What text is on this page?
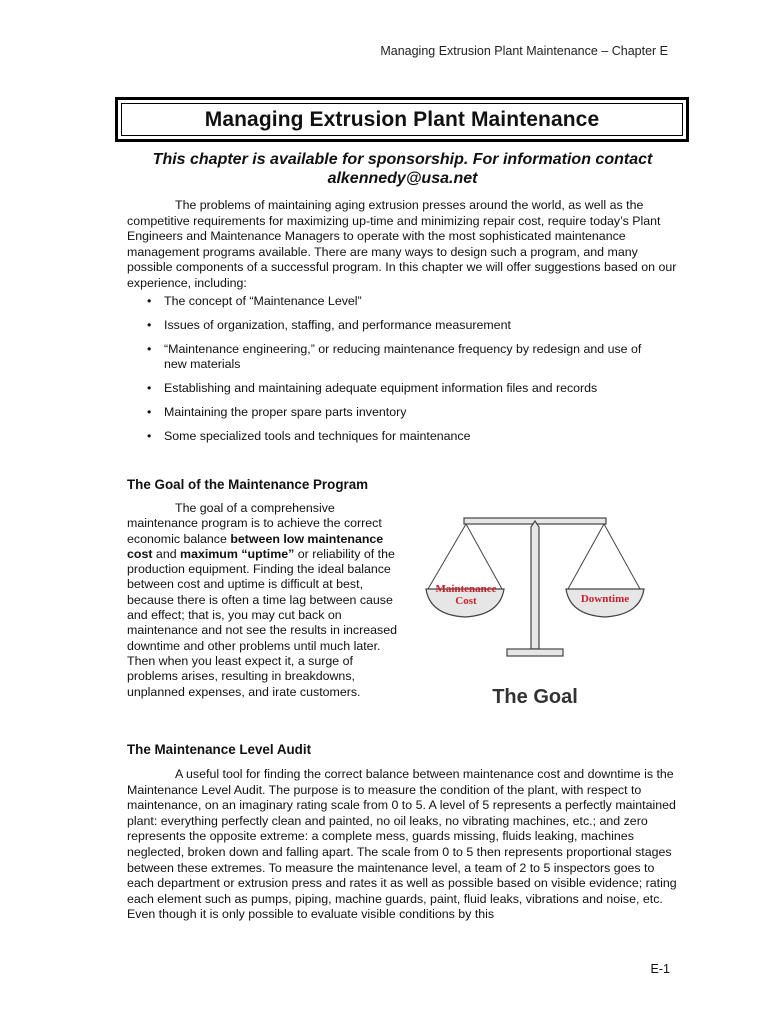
Managing Extrusion Plant Maintenance – Chapter E
Managing Extrusion Plant Maintenance
This chapter is available for sponsorship. For information contact
alkennedy@usa.net

The problems of maintaining aging extrusion presses around the world, as well as the competitive requirements for maximizing up-time and minimizing repair cost, require today’s Plant Engineers and Maintenance Managers to operate with the most sophisticated maintenance management programs available. There are many ways to design such a program, and many possible components of a successful program. In this chapter we will offer suggestions based on our experience, including:

• The concept of “Maintenance Level”
• Issues of organization, staffing, and performance measurement
• “Maintenance engineering,” or reducing maintenance frequency by redesign and use of new materials
• Establishing and maintaining adequate equipment information files and records
• Maintaining the proper spare parts inventory
• Some specialized tools and techniques for maintenance
The Goal of the Maintenance Program

The goal of a comprehensive maintenance program is to achieve the correct economic balance between low maintenance cost and maximum “uptime” or reliability of the production equipment. Finding the ideal balance between cost and uptime is difficult at best, because there is often a time lag between cause and effect; that is, you may cut back on maintenance and not see the results in increased downtime and other problems until much later. Then when you least expect it, a surge of problems arises, resulting in breakdowns, unplanned expenses, and irate customers.

Maintenance
Cost	Downtime
The Goal
The Maintenance Level Audit

A useful tool for finding the correct balance between maintenance cost and downtime is the Maintenance Level Audit. The purpose is to measure the condition of the plant, with respect to maintenance, on an imaginary rating scale from 0 to 5. A level of 5 represents a perfectly maintained plant: everything perfectly clean and painted, no oil leaks, no vibrating machines, etc.; and zero represents the opposite extreme: a complete mess, guards missing, fluids leaking, machines neglected, broken down and falling apart. The scale from 0 to 5 then represents proportional stages between these extremes. To measure the maintenance level, a team of 2 to 5 inspectors goes to each department or extrusion press and rates it as well as possible based on visible evidence; rating each element such as pumps, piping, machine guards, paint, fluid leaks, vibrations and noise, etc. Even though it is only possible to evaluate visible conditions by this

E-1
